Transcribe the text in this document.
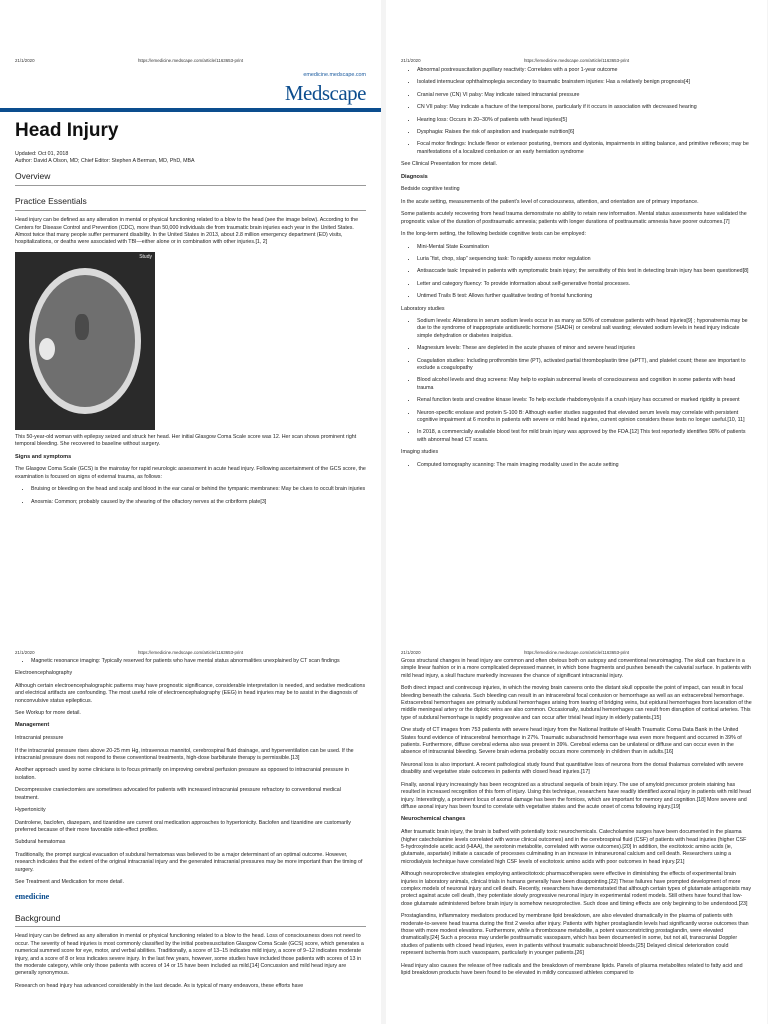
21/1/2020	https://emedicine.medscape.com/article/1163653-print
emedicine.medscape.com
Medscape
Head Injury

Updated: Oct 01, 2018

Author: David A Olson, MD; Chief Editor: Stephen A Berman, MD, PhD, MBA

Overview
Practice Essentials

Head injury can be defined as any alteration in mental or physical functioning related to a blow to the head (see the image below). According to the Centers for Disease Control and Prevention (CDC), more than 50,000 individuals die from traumatic brain injuries each year in the United States. Almost twice that many people suffer permanent disability. In the United States in 2013, about 2.8 million emergency department (ED) visits, hospitalizations, or deaths were associated with TBI—either alone or in combination with other injuries.[1, 2]

Study

This 50-year-old woman with epilepsy seized and struck her head. Her initial Glasgow Coma Scale score was 12. Her scan shows prominent right temporal bleeding. She recovered to baseline without surgery.

Signs and symptoms

The Glasgow Coma Scale (GCS) is the mainstay for rapid neurologic assessment in acute head injury. Following ascertainment of the GCS score, the examination is focused on signs of external trauma, as follows:

• Bruising or bleeding on the head and scalp and blood in the ear canal or behind the tympanic membranes: May be clues to occult brain injuries
• Anosmia: Common; probably caused by the shearing of the olfactory nerves at the cribriform plate[3]
21/1/2020	https://emedicine.medscape.com/article/1163653-print
• Abnormal postresuscitation pupillary reactivity: Correlates with a poor 1-year outcome
• Isolated internuclear ophthalmoplegia secondary to traumatic brainstem injuries: Has a relatively benign prognosis[4]
• Cranial nerve (CN) VI palsy: May indicate raised intracranial pressure
• CN VII palsy: May indicate a fracture of the temporal bone, particularly if it occurs in association with decreased hearing
• Hearing loss: Occurs in 20–30% of patients with head injuries[5]
• Dysphagia: Raises the risk of aspiration and inadequate nutrition[6]
• Focal motor findings: Include flexor or extensor posturing, tremors and dystonia, impairments in sitting balance, and primitive reflexes; may be manifestations of a localized contusion or an early herniation syndrome

See Clinical Presentation for more detail.

Diagnosis

Bedside cognitive testing

In the acute setting, measurements of the patient’s level of consciousness, attention, and orientation are of primary importance.

Some patients acutely recovering from head trauma demonstrate no ability to retain new information. Mental status assessments have validated the prognostic value of the duration of posttraumatic amnesia; patients with longer durations of posttraumatic amnesia have poorer outcomes.[7]

In the long-term setting, the following bedside cognitive tests can be employed:

• Mini-Mental State Examination
• Luria “fist, chop, slap” sequencing task: To rapidly assess motor regulation
• Antisaccade task: Impaired in patients with symptomatic brain injury; the sensitivity of this test in detecting brain injury has been questioned[8]
• Letter and category fluency: To provide information about self-generative frontal processes.
• Untimed Trails B test: Allows further qualitative testing of frontal functioning

Laboratory studies

• Sodium levels: Alterations in serum sodium levels occur in as many as 50% of comatose patients with head injuries[9] ; hyponatremia may be due to the syndrome of inappropriate antidiuretic hormone (SIADH) or cerebral salt wasting; elevated sodium levels in head injury indicate simple dehydration or diabetes insipidus.
• Magnesium levels: These are depleted in the acute phases of minor and severe head injuries
• Coagulation studies: Including prothrombin time (PT), activated partial thromboplastin time (aPTT), and platelet count; these are important to exclude a coagulopathy
• Blood alcohol levels and drug screens: May help to explain subnormal levels of consciousness and cognition in some patients with head trauma
• Renal function tests and creatine kinase levels: To help exclude rhabdomyolysis if a crush injury has occurred or marked rigidity is present
• Neuron-specific enolase and protein S-100 B: Although earlier studies suggested that elevated serum levels may correlate with persistent cognitive impairment at 6 months in patients with severe or mild head injuries, current opinion considers these tests no longer useful.[10, 11]
• In 2018, a commercially available blood test for mild brain injury was approved by the FDA.[12] This test reportedly identifies 98% of patients with abnormal head CT scans.

Imaging studies

• Computed tomography scanning: The main imaging modality used in the acute setting
21/1/2020	https://emedicine.medscape.com/article/1163653-print
• Magnetic resonance imaging: Typically reserved for patients who have mental status abnormalities unexplained by CT scan findings

Electroencephalography

Although certain electroencephalographic patterns may have prognostic significance, considerable interpretation is needed, and sedative medications and electrical artifacts are confounding. The most useful role of electroencephalography (EEG) in head injuries may be to assist in the diagnosis of nonconvulsive status epilepticus.

See Workup for more detail.

Management

Intracranial pressure

If the intracranial pressure rises above 20-25 mm Hg, intravenous mannitol, cerebrospinal fluid drainage, and hyperventilation can be used. If the intracranial pressure does not respond to these conventional treatments, high-dose barbiturate therapy is permissible.[13]

Another approach used by some clinicians is to focus primarily on improving cerebral perfusion pressure as opposed to intracranial pressure in isolation.

Decompressive craniectomies are sometimes advocated for patients with increased intracranial pressure refractory to conventional medical treatment.

Hypertonicity

Dantrolene, baclofen, diazepam, and tizanidine are current oral medication approaches to hypertonicity. Baclofen and tizanidine are customarily preferred because of their more favorable side-effect profiles.

Subdural hematomas

Traditionally, the prompt surgical evacuation of subdural hematomas was believed to be a major determinant of an optimal outcome. However, research indicates that the extent of the original intracranial injury and the generated intracranial pressures may be more important than the timing of surgery.

See Treatment and Medication for more detail.

emedicine
Background

Head injury can be defined as any alteration in mental or physical functioning related to a blow to the head. Loss of consciousness does not need to occur. The severity of head injuries is most commonly classified by the initial postresuscitation Glasgow Coma Scale (GCS) score, which generates a numerical summed score for eye, motor, and verbal abilities. Traditionally, a score of 13–15 indicates mild injury, a score of 9–12 indicates moderate injury, and a score of 8 or less indicates severe injury. In the last few years, however, some studies have included those patients with scores of 13 in the moderate category, while only those patients with scores of 14 or 15 have been included as mild.[14] Concussion and mild head injury are generally synonymous.

Research on head injury has advanced considerably in the last decade. As is typical of many endeavors, these efforts have

21/1/2020	https://emedicine.medscape.com/article/1163653-print

Gross structural changes in head injury are common and often obvious both on autopsy and conventional neuroimaging. The skull can fracture in a simple linear fashion or in a more complicated depressed manner, in which bone fragments and pushes beneath the calvarial surface. In patients with mild head injury, a skull fracture markedly increases the chance of significant intracranial injury.

Both direct impact and contrecoup injuries, in which the moving brain careens onto the distant skull opposite the point of impact, can result in focal bleeding beneath the calvaria. Such bleeding can result in an intracerebral focal contusion or hemorrhage as well as an extracerebral hemorrhage. Extracerebral hemorrhages are primarily subdural hemorrhages arising from tearing of bridging veins, but epidural hemorrhages from laceration of the middle meningeal artery or the diploic veins are also common. Occasionally, subdural hemorrhages can result from disruption of cortical arteries. This type of subdural hemorrhage is rapidly progressive and can occur after trivial head injury in elderly patients.[15]

One study of CT images from 753 patients with severe head injury from the National Institute of Health Traumatic Coma Data Bank in the United States found evidence of intracerebral hemorrhage in 27%. Traumatic subarachnoid hemorrhage was even more frequent and occurred in 39% of patients. Furthermore, diffuse cerebral edema also was present in 39%. Cerebral edema can be unilateral or diffuse and can occur even in the absence of intracranial bleeding. Severe brain edema probably occurs more commonly in children than in adults.[16]

Neuronal loss is also important. A recent pathological study found that quantitative loss of neurons from the dorsal thalamus correlated with severe disability and vegetative state outcomes in patients with closed head injuries.[17]

Finally, axonal injury increasingly has been recognized as a structural sequela of brain injury. The use of amyloid precursor protein staining has resulted in increased recognition of this form of injury. Using this technique, researchers have readily identified axonal injury in patients with mild head injury. Interestingly, a prominent locus of axonal damage has been the fornices, which are important for memory and cognition.[18] More severe and diffuse axonal injury has been found to correlate with vegetative states and the acute onset of coma following injury.[19]

Neurochemical changes

After traumatic brain injury, the brain is bathed with potentially toxic neurochemicals. Catecholamine surges have been documented in the plasma (higher catecholamine levels correlated with worse clinical outcomes) and in the cerebrospinal fluid (CSF) of patients with head injuries (higher CSF 5-hydroxyindole acetic acid (HIAA), the serotonin metabolite, correlated with worse outcomes).[20] In addition, the excitotoxic amino acids (ie, glutamate, aspartate) initiate a cascade of processes culminating in an increase in intraneuronal calcium and cell death. Researchers using a microdialysis technique have correlated high CSF levels of excitotoxic amino acids with poor outcomes in head injury.[21]

Although neuroprotective strategies employing antiexcitotoxic pharmacotherapies were effective in diminishing the effects of experimental brain injuries in laboratory animals, clinical trials in humans generally have been disappointing.[22] These failures have prompted development of more complex models of neuronal injury and cell death. Recently, researchers have demonstrated that although certain types of glutamate antagonists may protect against acute cell death, they potentiate slowly progressive neuronal injury in experimental rodent models. Still others have found that low-dose glutamate administered before brain injury is somehow neuroprotective. Such dose and timing effects are only beginning to be understood.[23]

Prostaglandins, inflammatory mediators produced by membrane lipid breakdown, are also elevated dramatically in the plasma of patients with moderate-to-severe head trauma during the first 2 weeks after injury. Patients with higher prostaglandin levels had significantly worse outcomes than those with more modest elevations. Furthermore, while a thromboxane metabolite, a potent vasoconstricting prostaglandin, were elevated dramatically.[24] Such a process may underlie posttraumatic vasospasm, which has been documented in some, but not all, transcranial Doppler studies of patients with closed head injuries, even in patients without traumatic subarachnoid bleeds.[25] Delayed clinical deterioration could represent ischemia from such vasospasm, particularly in younger patients.[26]

Head injury also causes the release of free radicals and the breakdown of membrane lipids. Panels of plasma metabolites related to fatty acid and lipid breakdown products have been found to be elevated in mildly concussed athletes compared to
